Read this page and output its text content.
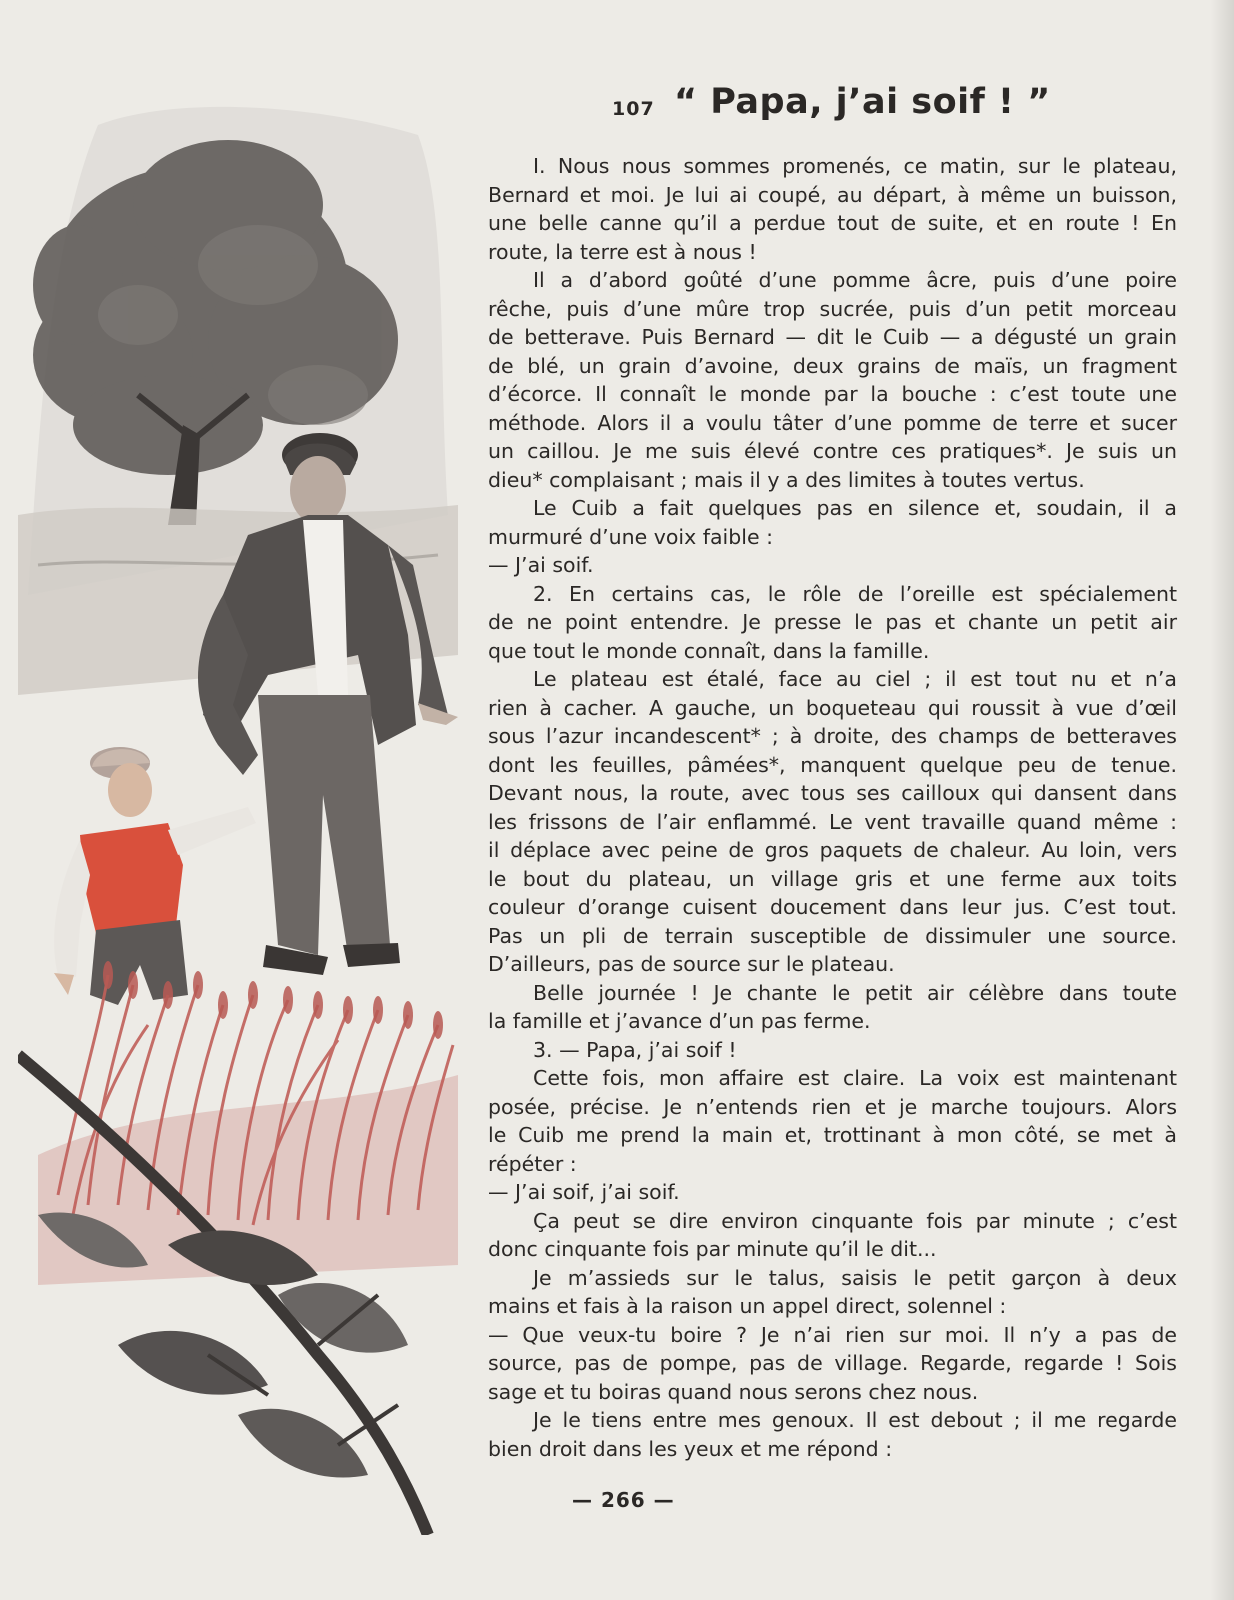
107 “ Papa, j’ai soif ! ”
I. Nous nous sommes promenés, ce matin, sur le plateau,
Bernard et moi. Je lui ai coupé, au départ, à même un buisson,
une belle canne qu’il a perdue tout de suite, et en route ! En
route, la terre est à nous !
Il a d’abord goûté d’une pomme âcre, puis d’une poire
rêche, puis d’une mûre trop sucrée, puis d’un petit morceau
de betterave. Puis Bernard — dit le Cuib — a dégusté un grain
de blé, un grain d’avoine, deux grains de maïs, un fragment
d’écorce. Il connaît le monde par la bouche : c’est toute une
méthode. Alors il a voulu tâter d’une pomme de terre et sucer
un caillou. Je me suis élevé contre ces pratiques*. Je suis un
dieu* complaisant ; mais il y a des limites à toutes vertus.
Le Cuib a fait quelques pas en silence et, soudain, il a
murmuré d’une voix faible :
— J’ai soif.
2. En certains cas, le rôle de l’oreille est spécialement
de ne point entendre. Je presse le pas et chante un petit air
que tout le monde connaît, dans la famille.
Le plateau est étalé, face au ciel ; il est tout nu et n’a
rien à cacher. A gauche, un boqueteau qui roussit à vue d’œil
sous l’azur incandescent* ; à droite, des champs de betteraves
dont les feuilles, pâmées*, manquent quelque peu de tenue.
Devant nous, la route, avec tous ses cailloux qui dansent dans
les frissons de l’air enflammé. Le vent travaille quand même :
il déplace avec peine de gros paquets de chaleur. Au loin, vers
le bout du plateau, un village gris et une ferme aux toits
couleur d’orange cuisent doucement dans leur jus. C’est tout.
Pas un pli de terrain susceptible de dissimuler une source.
D’ailleurs, pas de source sur le plateau.
Belle journée ! Je chante le petit air célèbre dans toute
la famille et j’avance d’un pas ferme.
3. — Papa, j’ai soif !
Cette fois, mon affaire est claire. La voix est maintenant
posée, précise. Je n’entends rien et je marche toujours. Alors
le Cuib me prend la main et, trottinant à mon côté, se met à
répéter :
— J’ai soif, j’ai soif.
Ça peut se dire environ cinquante fois par minute ; c’est
donc cinquante fois par minute qu’il le dit...
Je m’assieds sur le talus, saisis le petit garçon à deux
mains et fais à la raison un appel direct, solennel :
— Que veux-tu boire ? Je n’ai rien sur moi. Il n’y a pas de
source, pas de pompe, pas de village. Regarde, regarde ! Sois
sage et tu boiras quand nous serons chez nous.
Je le tiens entre mes genoux. Il est debout ; il me regarde
bien droit dans les yeux et me répond :
— 266 —
